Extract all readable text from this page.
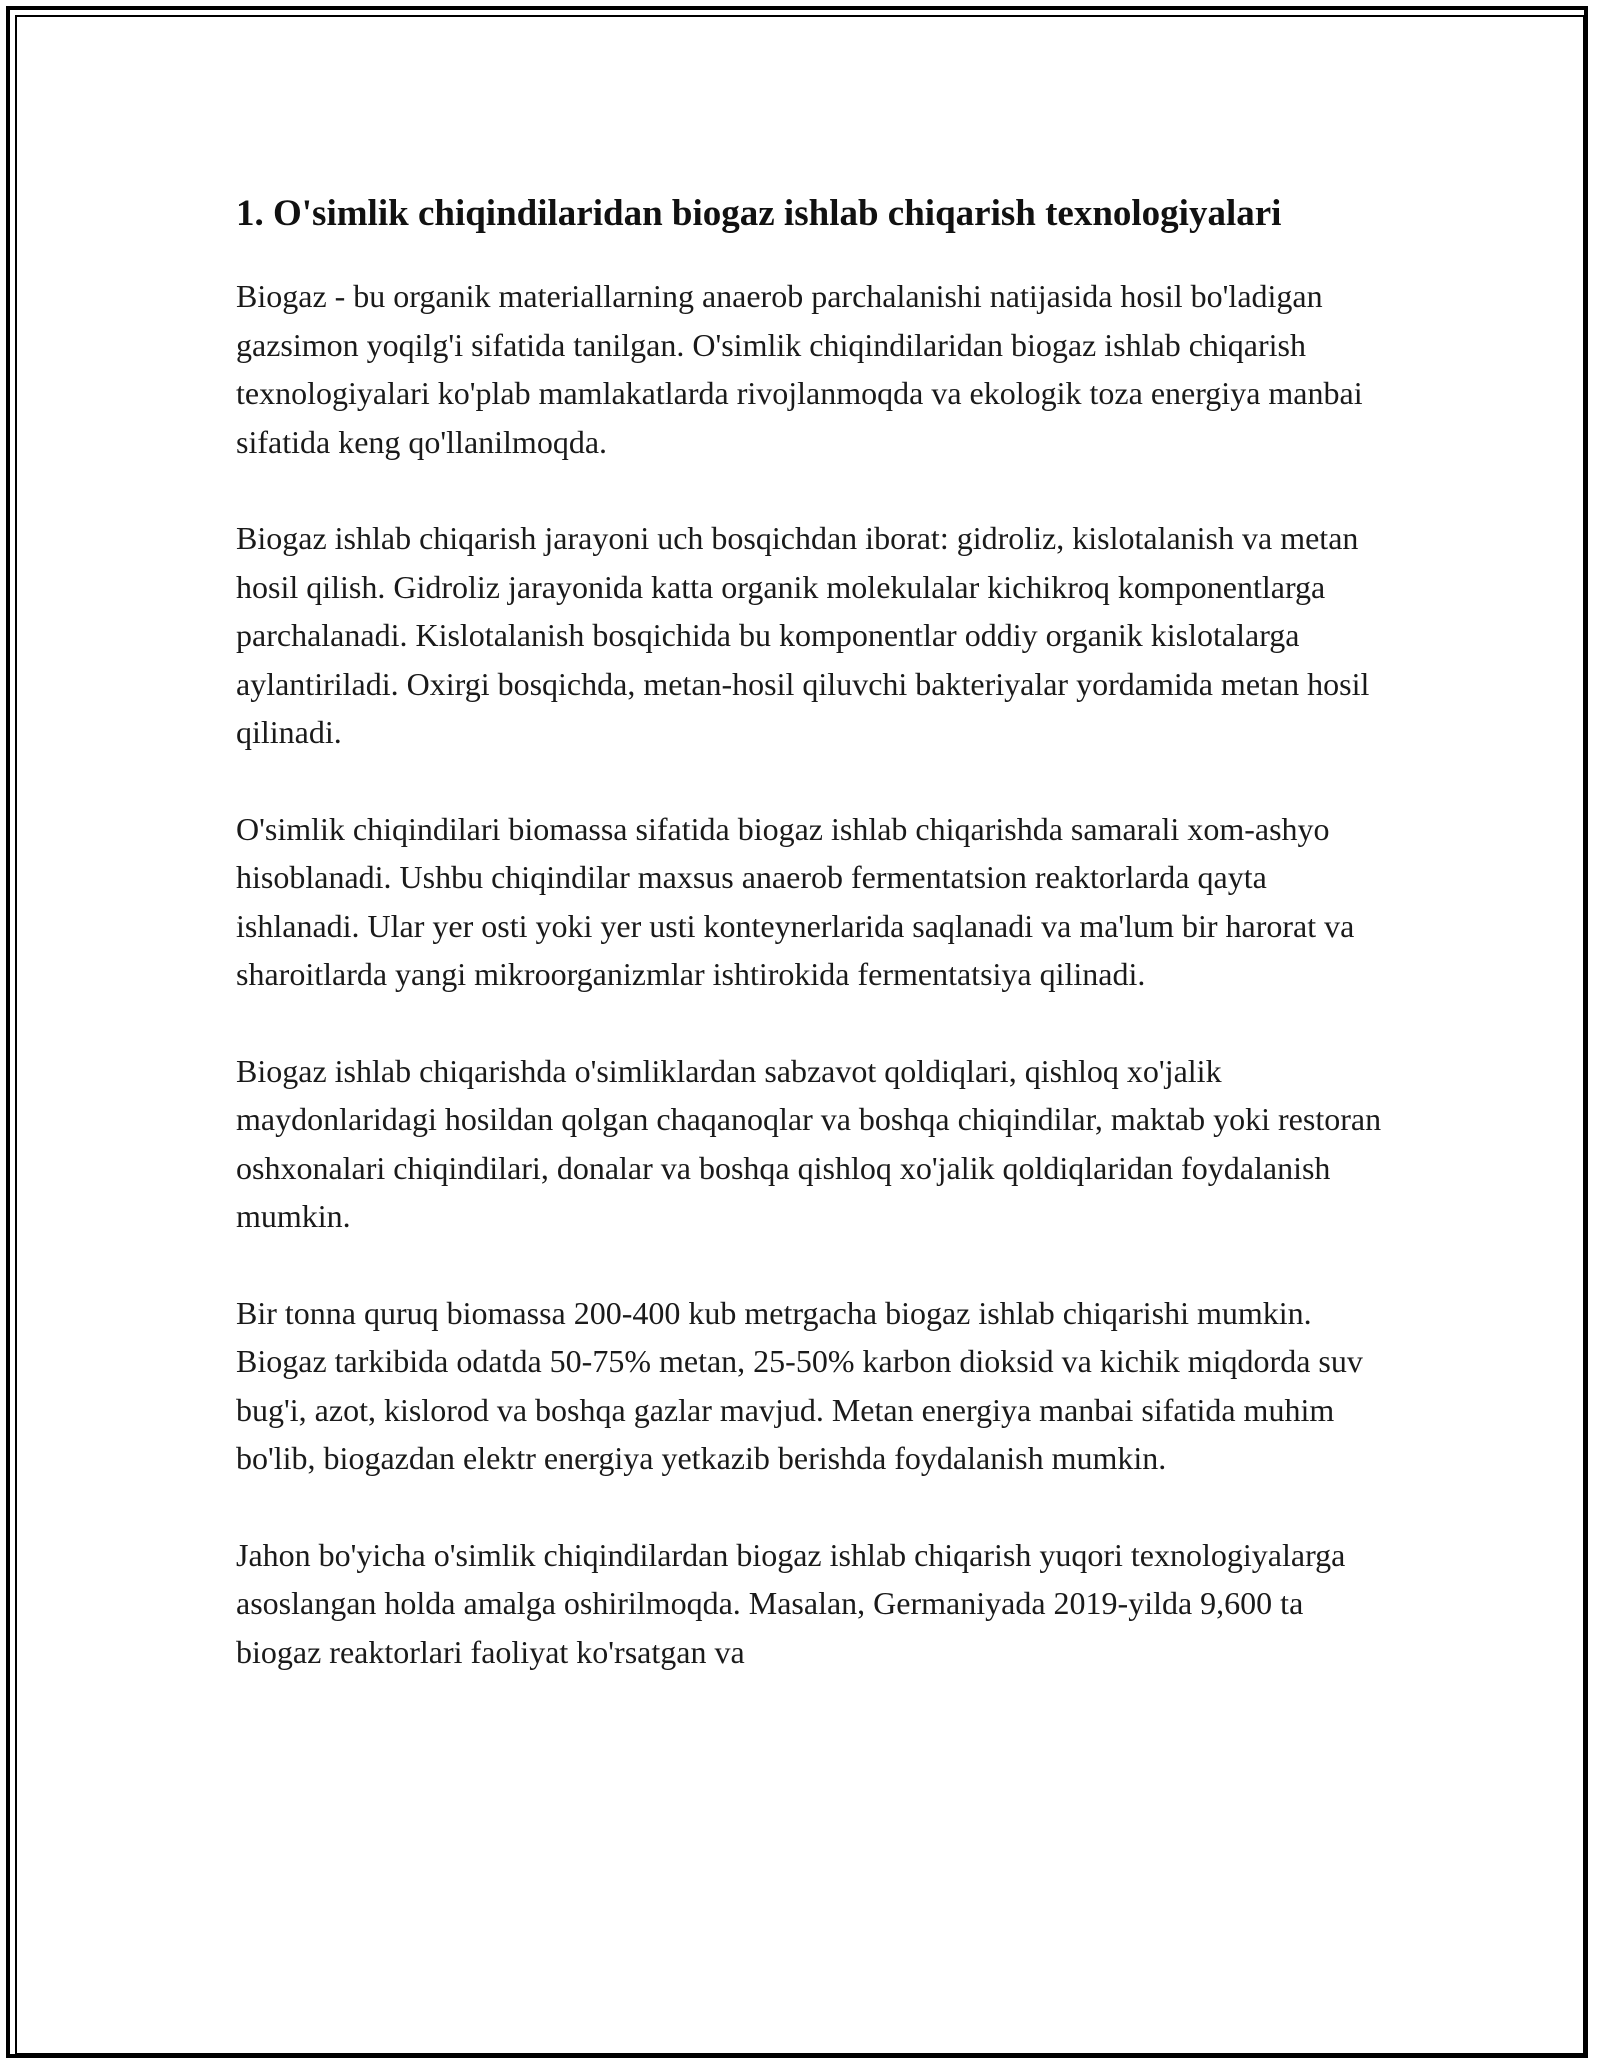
1. O'simlik chiqindilaridan biogaz ishlab chiqarish texnologiyalari

Biogaz - bu organik materiallarning anaerob parchalanishi natijasida hosil bo'ladigan gazsimon yoqilg'i sifatida tanilgan. O'simlik chiqindilaridan biogaz ishlab chiqarish texnologiyalari ko'plab mamlakatlarda rivojlanmoqda va ekologik toza energiya manbai sifatida keng qo'llanilmoqda.

Biogaz ishlab chiqarish jarayoni uch bosqichdan iborat: gidroliz, kislotalanish va metan hosil qilish. Gidroliz jarayonida katta organik molekulalar kichikroq komponentlarga parchalanadi. Kislotalanish bosqichida bu komponentlar oddiy organik kislotalarga aylantiriladi. Oxirgi bosqichda, metan-hosil qiluvchi bakteriyalar yordamida metan hosil qilinadi.

O'simlik chiqindilari biomassa sifatida biogaz ishlab chiqarishda samarali xom-ashyo hisoblanadi. Ushbu chiqindilar maxsus anaerob fermentatsion reaktorlarda qayta ishlanadi. Ular yer osti yoki yer usti konteynerlarida saqlanadi va ma'lum bir harorat va sharoitlarda yangi mikroorganizmlar ishtirokida fermentatsiya qilinadi.

Biogaz ishlab chiqarishda o'simliklardan sabzavot qoldiqlari, qishloq xo'jalik maydonlaridagi hosildan qolgan chaqanoqlar va boshqa chiqindilar, maktab yoki restoran oshxonalari chiqindilari, donalar va boshqa qishloq xo'jalik qoldiqlaridan foydalanish mumkin.

Bir tonna quruq biomassa 200-400 kub metrgacha biogaz ishlab chiqarishi mumkin. Biogaz tarkibida odatda 50-75% metan, 25-50% karbon dioksid va kichik miqdorda suv bug'i, azot, kislorod va boshqa gazlar mavjud. Metan energiya manbai sifatida muhim bo'lib, biogazdan elektr energiya yetkazib berishda foydalanish mumkin.

Jahon bo'yicha o'simlik chiqindilardan biogaz ishlab chiqarish yuqori texnologiyalarga asoslangan holda amalga oshirilmoqda. Masalan, Germaniyada 2019-yilda 9,600 ta biogaz reaktorlari faoliyat ko'rsatgan va
